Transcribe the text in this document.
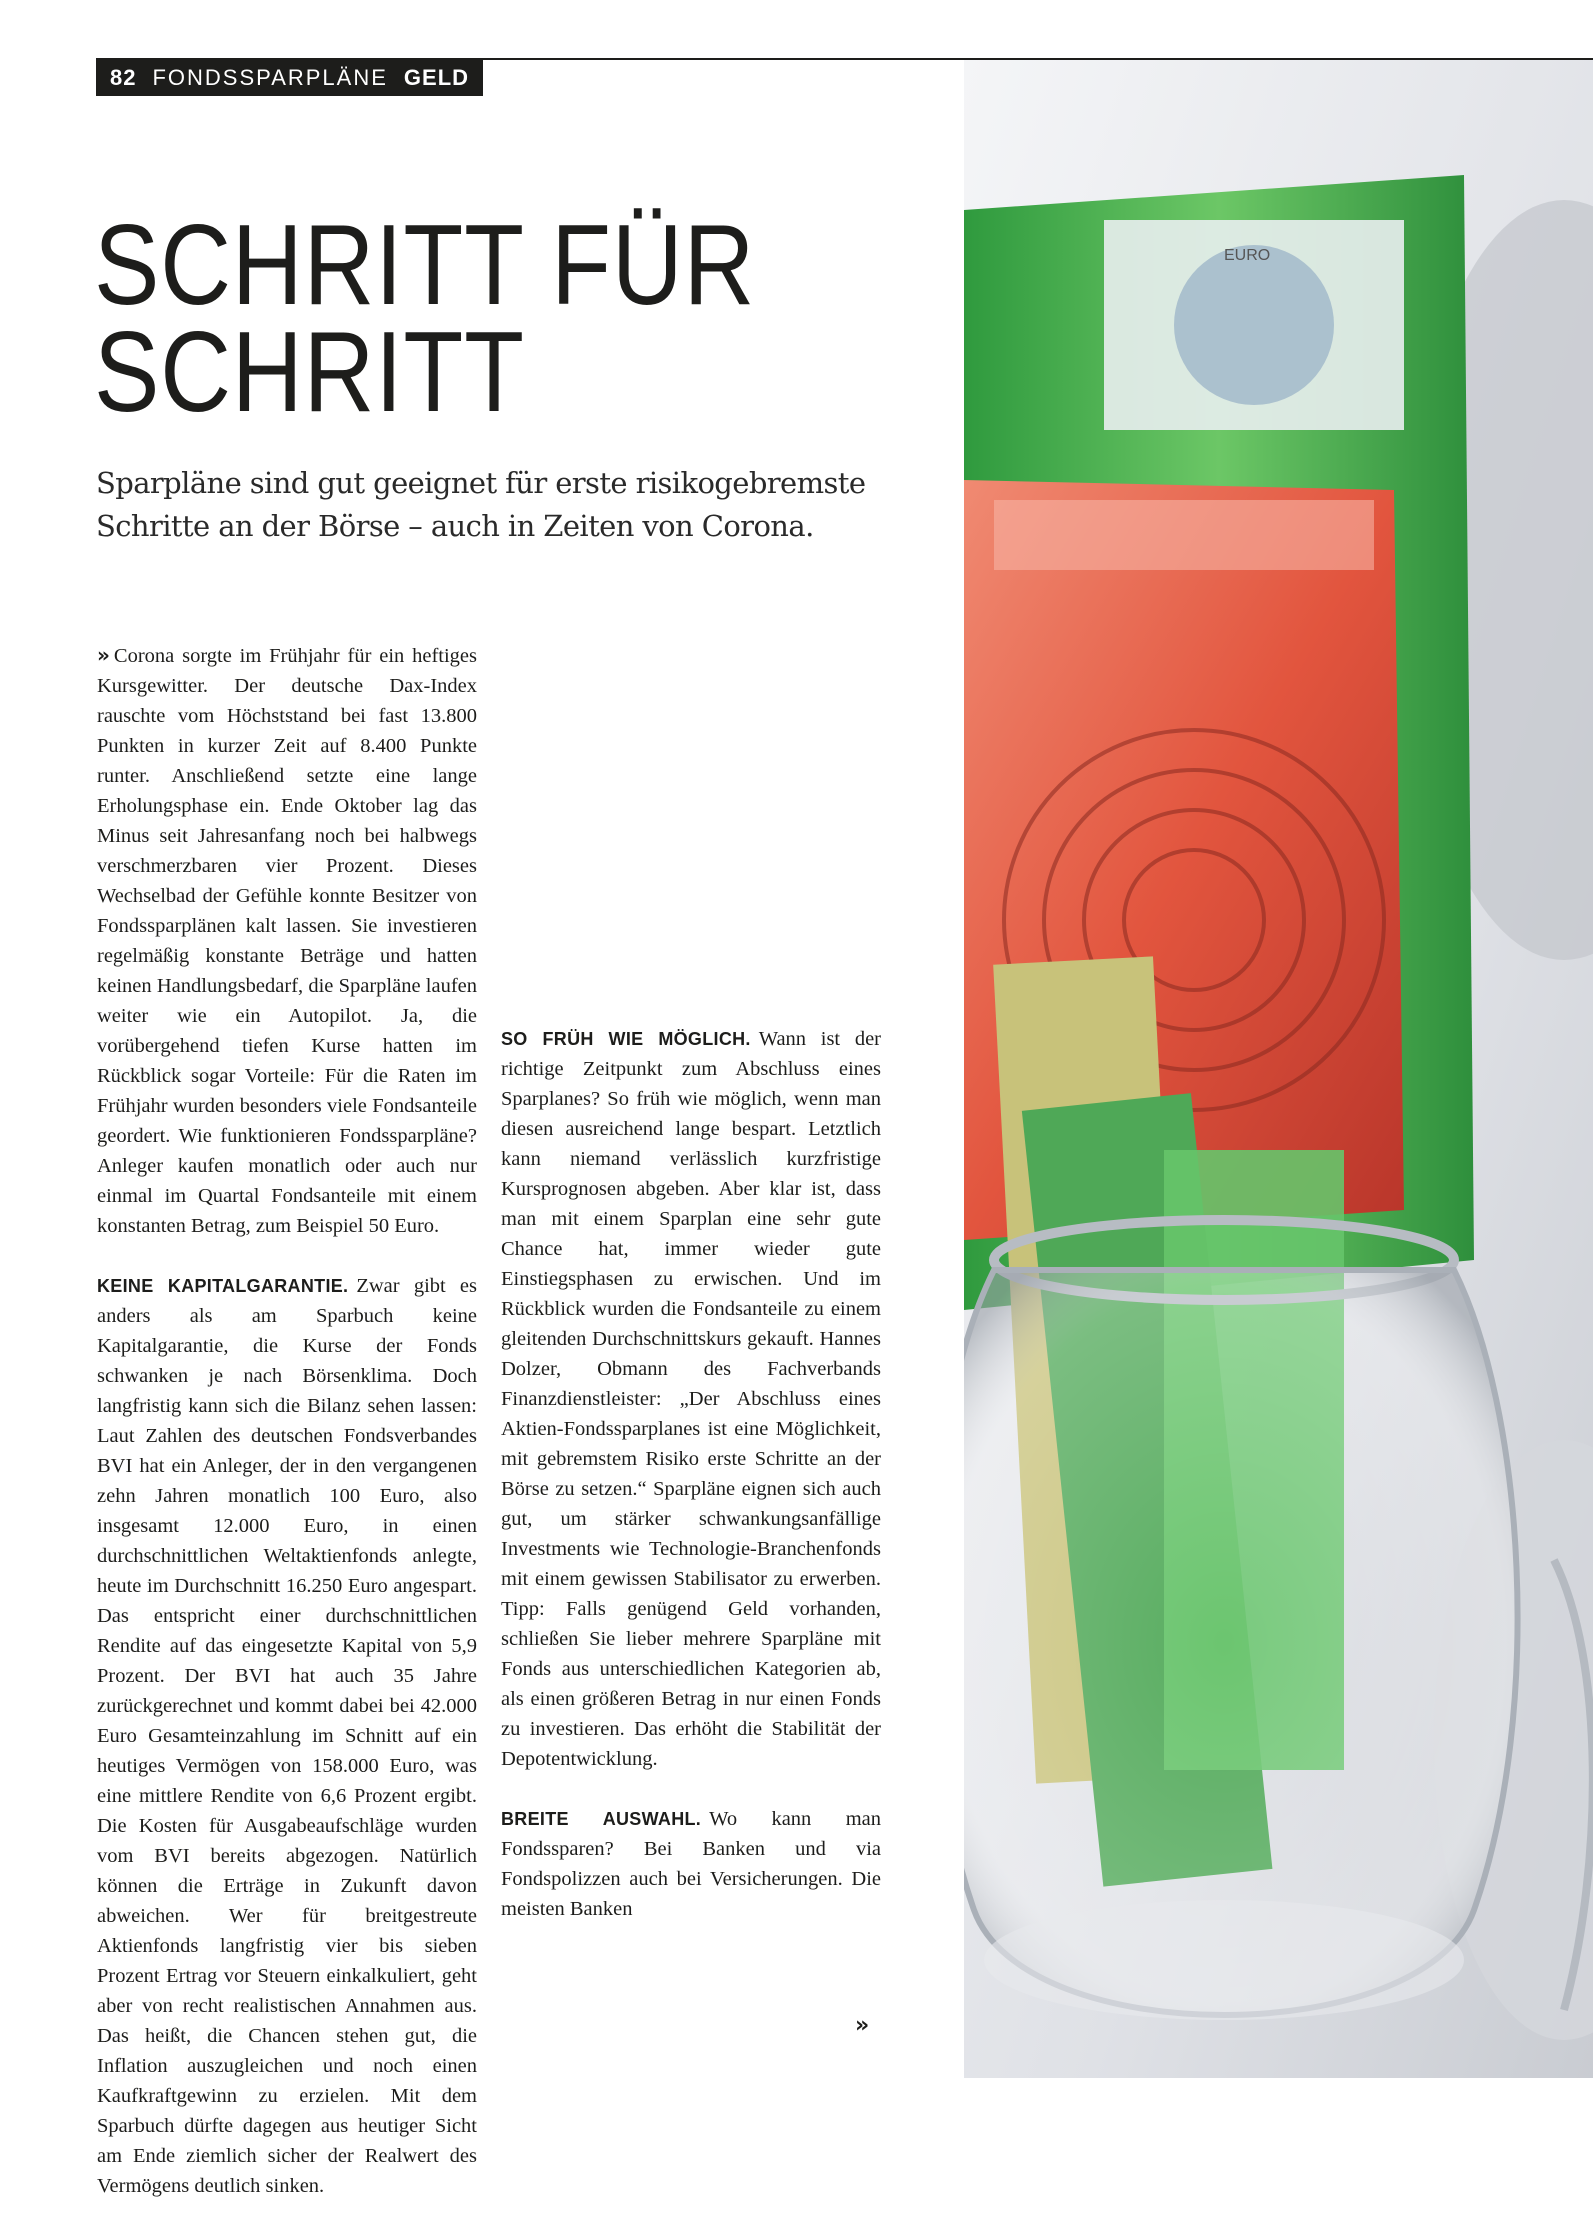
82 FONDSSPARPLÄNE GELD
SCHRITT FÜR
SCHRITT

Sparpläne sind gut geeignet für erste risikogebremste
Schritte an der Börse – auch in Zeiten von Corona.

» Corona sorgte im Frühjahr für ein heftiges Kursgewitter. Der deutsche Dax-Index rauschte vom Höchststand bei fast 13.800 Punkten in kurzer Zeit auf 8.400 Punkte runter. Anschließend setzte eine lange Erholungsphase ein. Ende Oktober lag das Minus seit Jahresanfang noch bei halbwegs verschmerzbaren vier Prozent. Dieses Wechselbad der Gefühle konnte Besitzer von Fondssparplänen kalt lassen. Sie investieren regelmäßig konstante Beträge und hatten keinen Handlungsbedarf, die Sparpläne laufen weiter wie ein Autopilot. Ja, die vorübergehend tiefen Kurse hatten im Rückblick sogar Vorteile: Für die Raten im Frühjahr wurden besonders viele Fondsanteile geordert. Wie funktionieren Fondssparpläne? Anleger kaufen monatlich oder auch nur einmal im Quartal Fondsanteile mit einem konstanten Betrag, zum Beispiel 50 Euro.

KEINE KAPITALGARANTIE. Zwar gibt es anders als am Sparbuch keine Kapitalgarantie, die Kurse der Fonds schwanken je nach Börsenklima. Doch langfristig kann sich die Bilanz sehen lassen: Laut Zahlen des deutschen Fondsverbandes BVI hat ein Anleger, der in den vergangenen zehn Jahren monatlich 100 Euro, also insgesamt 12.000 Euro, in einen durchschnittlichen Weltaktienfonds anlegte, heute im Durchschnitt 16.250 Euro angespart. Das entspricht einer durchschnittlichen Rendite auf das eingesetzte Kapital von 5,9 Prozent. Der BVI hat auch 35 Jahre zurückgerechnet und kommt dabei bei 42.000 Euro Gesamteinzahlung im Schnitt auf ein heutiges Vermögen von 158.000 Euro, was eine mittlere Rendite von 6,6 Prozent ergibt. Die Kosten für Ausgabeaufschläge wurden vom BVI bereits abgezogen. Natürlich können die Erträge in Zukunft davon abweichen. Wer für breitgestreute Aktienfonds langfristig vier bis sieben Prozent Ertrag vor Steuern einkalkuliert, geht aber von recht realistischen Annahmen aus. Das heißt, die Chancen stehen gut, die Inflation auszugleichen und noch einen Kaufkraftgewinn zu erzielen. Mit dem Sparbuch dürfte dagegen aus heutiger Sicht am Ende ziemlich sicher der Realwert des Vermögens deutlich sinken.

SO FRÜH WIE MÖGLICH. Wann ist der richtige Zeitpunkt zum Abschluss eines Sparplanes? So früh wie möglich, wenn man diesen ausreichend lange bespart. Letztlich kann niemand verlässlich kurzfristige Kursprognosen abgeben. Aber klar ist, dass man mit einem Sparplan eine sehr gute Chance hat, immer wieder gute Einstiegsphasen zu erwischen. Und im Rückblick wurden die Fondsanteile zu einem gleitenden Durchschnittskurs gekauft. Hannes Dolzer, Obmann des Fachverbands Finanzdienstleister: „Der Abschluss eines Aktien-Fondssparplanes ist eine Möglichkeit, mit gebremstem Risiko erste Schritte an der Börse zu setzen.“ Sparpläne eignen sich auch gut, um stärker schwankungsanfällige Investments wie Technologie-Branchenfonds mit einem gewissen Stabilisator zu erwerben. Tipp: Falls genügend Geld vorhanden, schließen Sie lieber mehrere Sparpläne mit Fonds aus unterschiedlichen Kategorien ab, als einen größeren Betrag in nur einen Fonds zu investieren. Das erhöht die Stabilität der Depotentwicklung.

BREITE AUSWAHL. Wo kann man Fondssparen? Bei Banken und via Fondspolizzen auch bei Versicherungen. Die meisten Banken

»
EURO
